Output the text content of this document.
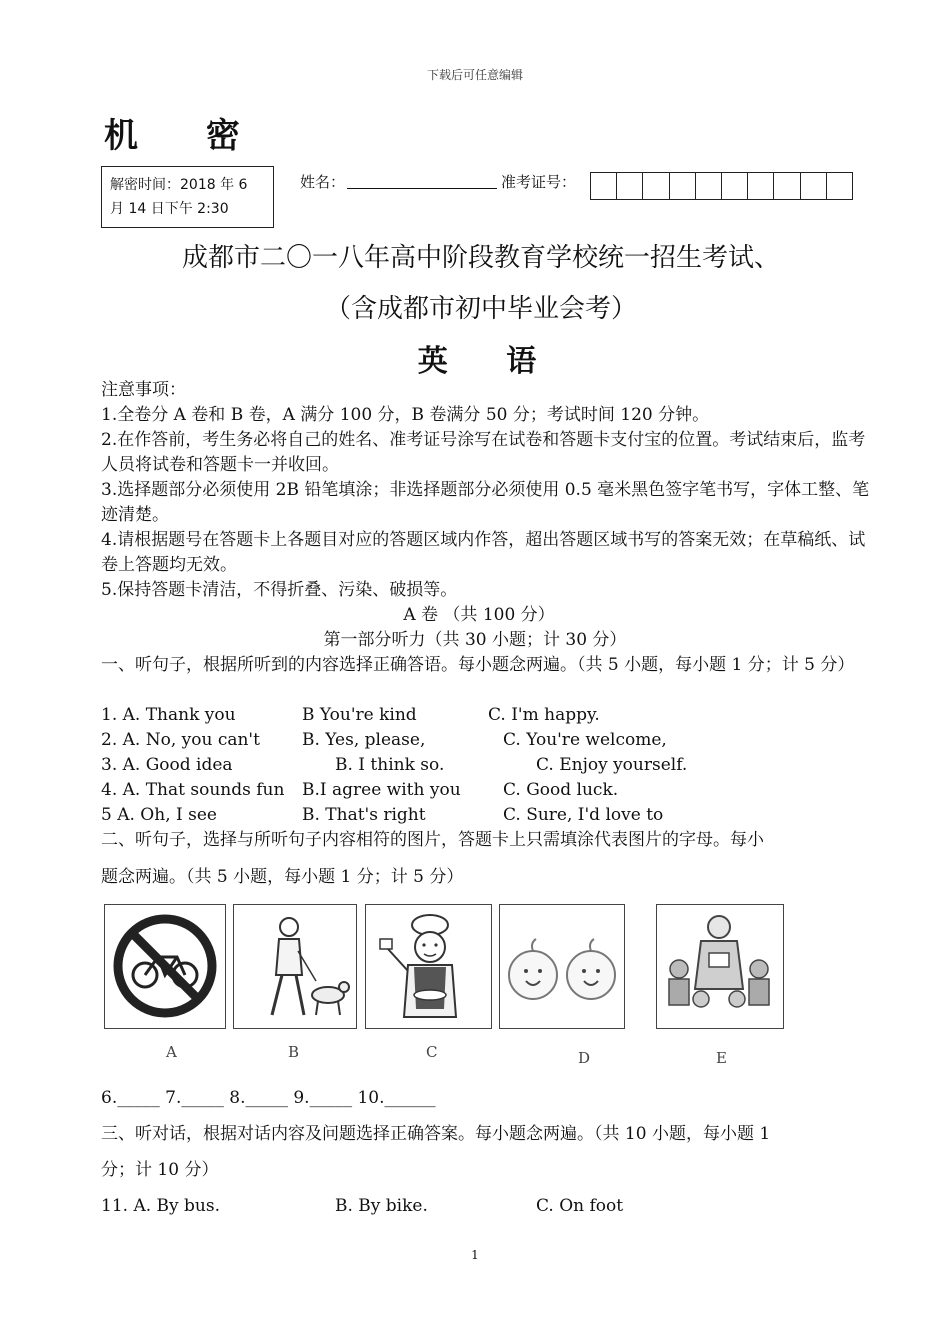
下载后可任意编辑
机 密
解密时间：2018 年 6
月 14 日下午 2:30
姓名：	准考证号：
成都市二〇一八年高中阶段教育学校统一招生考试、
（含成都市初中毕业会考）
英 语
注意事项：
1.全卷分 A 卷和 B 卷，A 满分 100 分，B 卷满分 50 分；考试时间 120 分钟。
2.在作答前，考生务必将自己的姓名、准考证号涂写在试卷和答题卡支付宝的位置。考试结束后，监考人员将试卷和答题卡一并收回。
3.选择题部分必须使用 2B 铅笔填涂；非选择题部分必须使用 0.5 毫米黑色签字笔书写，字体工整、笔迹清楚。
4.请根据题号在答题卡上各题目对应的答题区域内作答，超出答题区域书写的答案无效；在草稿纸、试卷上答题均无效。
5.保持答题卡清洁，不得折叠、污染、破损等。
A 卷 （共 100 分）
第一部分听力（共 30 小题；计 30 分）
一、听句子，根据所听到的内容选择正确答语。每小题念两遍。（共 5 小题，每小题 1 分；计 5 分）
1. A. Thank you	B You're kind	C. I'm happy.
2. A. No, you can't B. Yes, please,	C. You're welcome,
3. A. Good idea	B. I think so.	C. Enjoy yourself.
4. A. That sounds fun B.I agree with you C. Good luck.
5 A. Oh, I see	B. That's right	C. Sure, I'd love to
二、听句子，选择与所听句子内容相符的图片，答题卡上只需填涂代表图片的字母。每小
题念两遍。（共 5 小题，每小题 1 分；计 5 分）
A	B	C	D	E
6._____ 7._____ 8._____ 9._____ 10.______
三、听对话，根据对话内容及问题选择正确答案。每小题念两遍。（共 10 小题，每小题 1
分；计 10 分）
11. A. By bus.	B. By bike.	C. On foot
1
